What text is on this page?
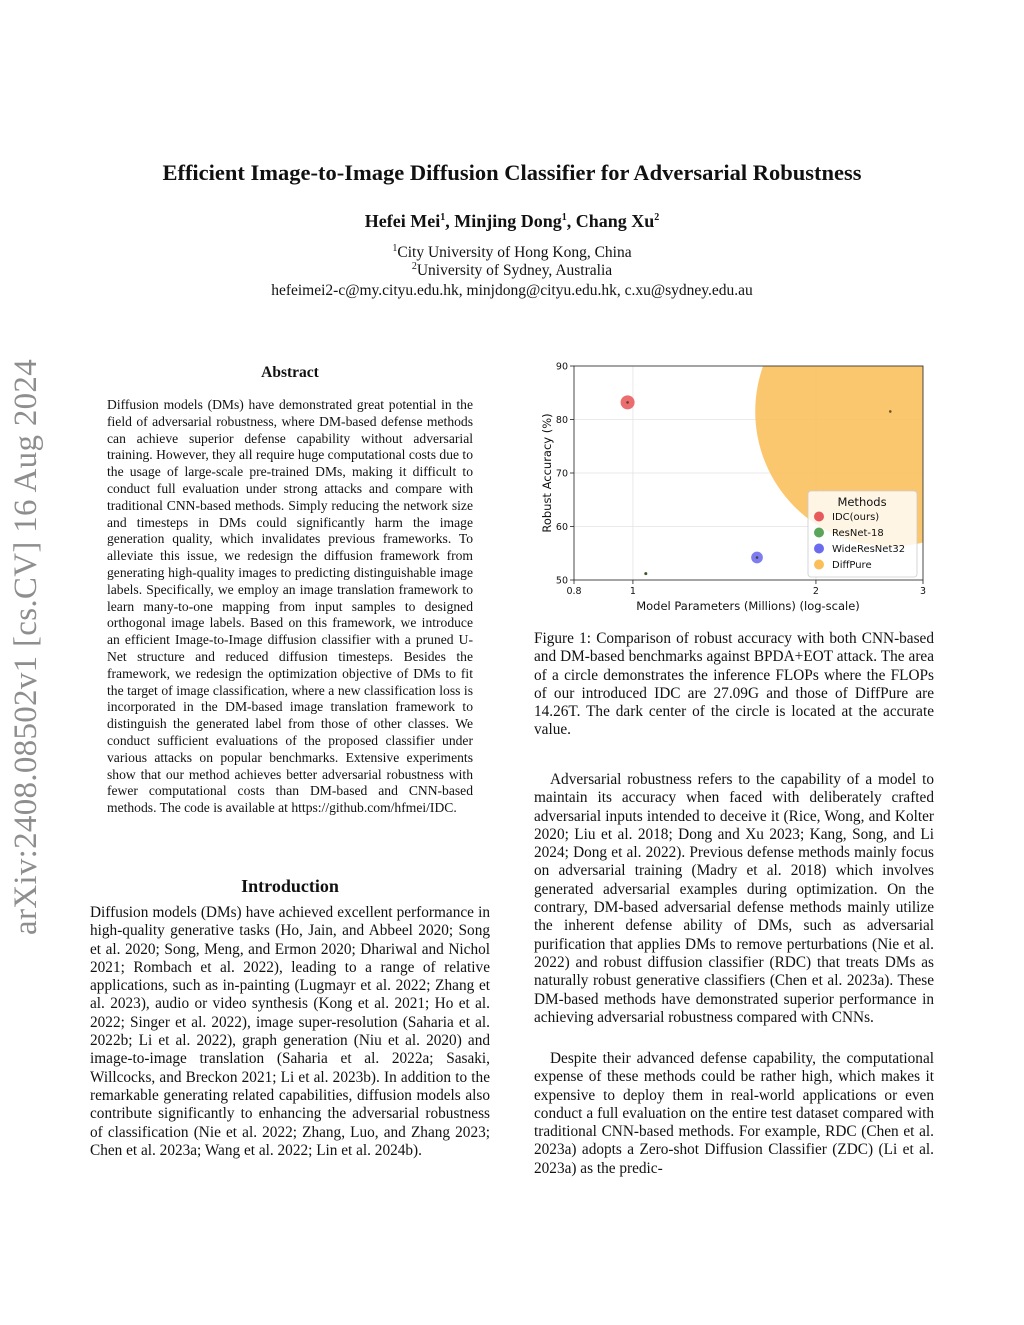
arXiv:2408.08502v1 [cs.CV] 16 Aug 2024
Efficient Image-to-Image Diffusion Classifier for Adversarial Robustness
Hefei Mei$^1$, Minjing Dong$^1$, Chang Xu$^2$
$^1$City University of Hong Kong, China
$^2$University of Sydney, Australia
hefeimei2-c@my.cityu.edu.hk, minjdong@cityu.edu.hk, c.xu@sydney.edu.au
Abstract
Diffusion models (DMs) have demonstrated great potential in the field of adversarial robustness, where DM-based defense methods can achieve superior defense capability without adversarial training. However, they all require huge computational costs due to the usage of large-scale pre-trained DMs, making it difficult to conduct full evaluation under strong attacks and compare with traditional CNN-based methods. Simply reducing the network size and timesteps in DMs could significantly harm the image generation quality, which invalidates previous frameworks. To alleviate this issue, we redesign the diffusion framework from generating high-quality images to predicting distinguishable image labels. Specifically, we employ an image translation framework to learn many-to-one mapping from input samples to designed orthogonal image labels. Based on this framework, we introduce an efficient Image-to-Image diffusion classifier with a pruned U-Net structure and reduced diffusion timesteps. Besides the framework, we redesign the optimization objective of DMs to fit the target of image classification, where a new classification loss is incorporated in the DM-based image translation framework to distinguish the generated label from those of other classes. We conduct sufficient evaluations of the proposed classifier under various attacks on popular benchmarks. Extensive experiments show that our method achieves better adversarial robustness with fewer computational costs than DM-based and CNN-based methods. The code is available at https://github.com/hfmei/IDC.
Introduction
Diffusion models (DMs) have achieved excellent performance in high-quality generative tasks (Ho, Jain, and Abbeel 2020; Song et al. 2020; Song, Meng, and Ermon 2020; Dhariwal and Nichol 2021; Rombach et al. 2022), leading to a range of relative applications, such as in-painting (Lugmayr et al. 2022; Zhang et al. 2023), audio or video synthesis (Kong et al. 2021; Ho et al. 2022; Singer et al. 2022), image super-resolution (Saharia et al. 2022b; Li et al. 2022), graph generation (Niu et al. 2020) and image-to-image translation (Saharia et al. 2022a; Sasaki, Willcocks, and Breckon 2021; Li et al. 2023b). In addition to the remarkable generating related capabilities, diffusion models also contribute significantly to enhancing the adversarial robustness of classification (Nie et al. 2022; Zhang, Luo, and Zhang 2023; Chen et al. 2023a; Wang et al. 2022; Lin et al. 2024b).
50
60
70
80
90
0.8	1	2	3
Model Parameters (Millions) (log-scale)
Robust Accuracy (%)	Methods
IDC(ours)
ResNet-18
WideResNet32
DiffPure
Figure 1: Comparison of robust accuracy with both CNN-based and DM-based benchmarks against BPDA+EOT attack. The area of a circle demonstrates the inference FLOPs where the FLOPs of our introduced IDC are 27.09G and those of DiffPure are 14.26T. The dark center of the circle is located at the accurate value.
Adversarial robustness refers to the capability of a model to maintain its accuracy when faced with deliberately crafted adversarial inputs intended to deceive it (Rice, Wong, and Kolter 2020; Liu et al. 2018; Dong and Xu 2023; Kang, Song, and Li 2024; Dong et al. 2022). Previous defense methods mainly focus on adversarial training (Madry et al. 2018) which involves generated adversarial examples during optimization. On the contrary, DM-based adversarial defense methods mainly utilize the inherent defense ability of DMs, such as adversarial purification that applies DMs to remove perturbations (Nie et al. 2022) and robust diffusion classifier (RDC) that treats DMs as naturally robust generative classifiers (Chen et al. 2023a). These DM-based methods have demonstrated superior performance in achieving adversarial robustness compared with CNNs.
Despite their advanced defense capability, the computational expense of these methods could be rather high, which makes it expensive to deploy them in real-world applications or even conduct a full evaluation on the entire test dataset compared with traditional CNN-based methods. For example, RDC (Chen et al. 2023a) adopts a Zero-shot Diffusion Classifier (ZDC) (Li et al. 2023a) as the predic-
